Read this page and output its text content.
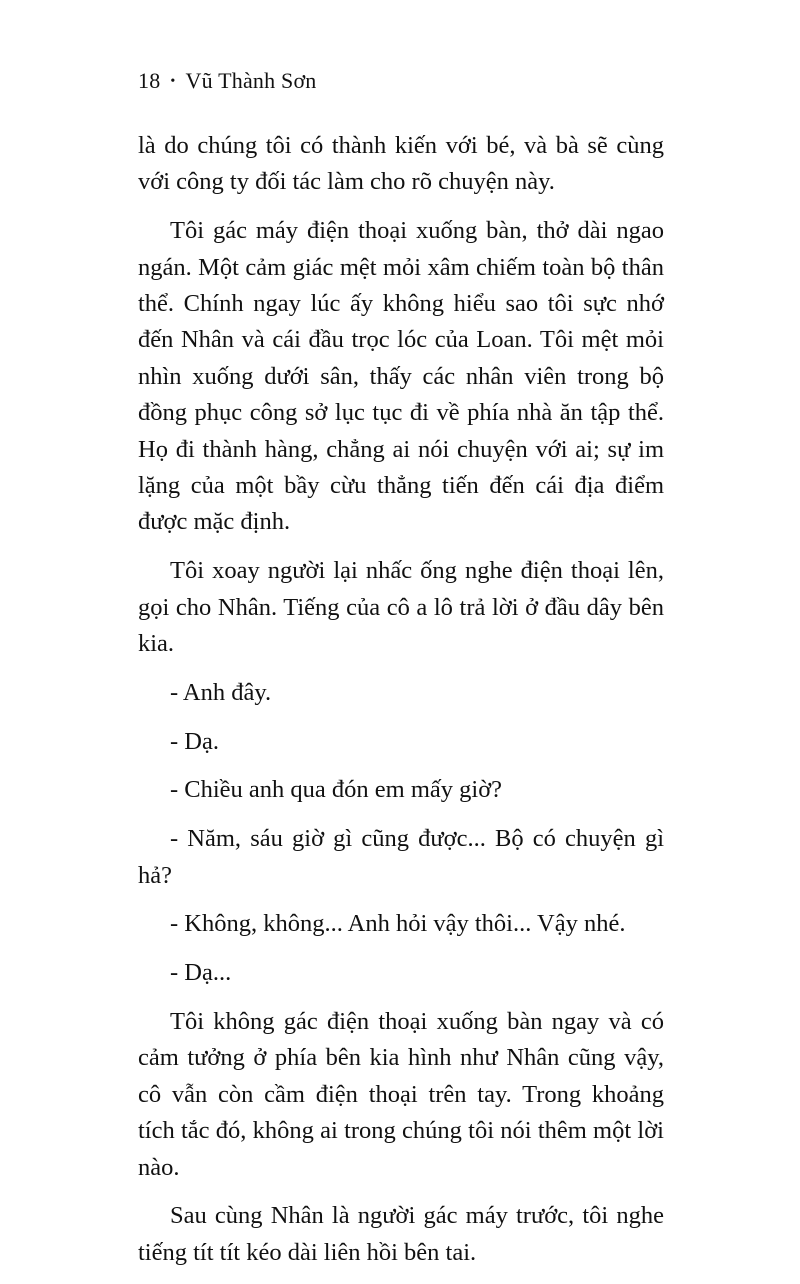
18 • Vũ Thành Sơn

là do chúng tôi có thành kiến với bé, và bà sẽ cùng với công ty đối tác làm cho rõ chuyện này.

Tôi gác máy điện thoại xuống bàn, thở dài ngao ngán. Một cảm giác mệt mỏi xâm chiếm toàn bộ thân thể. Chính ngay lúc ấy không hiểu sao tôi sực nhớ đến Nhân và cái đầu trọc lóc của Loan. Tôi mệt mỏi nhìn xuống dưới sân, thấy các nhân viên trong bộ đồng phục công sở lục tục đi về phía nhà ăn tập thể. Họ đi thành hàng, chẳng ai nói chuyện với ai; sự im lặng của một bầy cừu thẳng tiến đến cái địa điểm được mặc định.

Tôi xoay người lại nhấc ống nghe điện thoại lên, gọi cho Nhân. Tiếng của cô a lô trả lời ở đầu dây bên kia.

- Anh đây.

- Dạ.

- Chiều anh qua đón em mấy giờ?

- Năm, sáu giờ gì cũng được... Bộ có chuyện gì hả?

- Không, không... Anh hỏi vậy thôi... Vậy nhé.

- Dạ...

Tôi không gác điện thoại xuống bàn ngay và có cảm tưởng ở phía bên kia hình như Nhân cũng vậy, cô vẫn còn cầm điện thoại trên tay. Trong khoảng tích tắc đó, không ai trong chúng tôi nói thêm một lời nào.

Sau cùng Nhân là người gác máy trước, tôi nghe tiếng tít tít kéo dài liên hồi bên tai.
